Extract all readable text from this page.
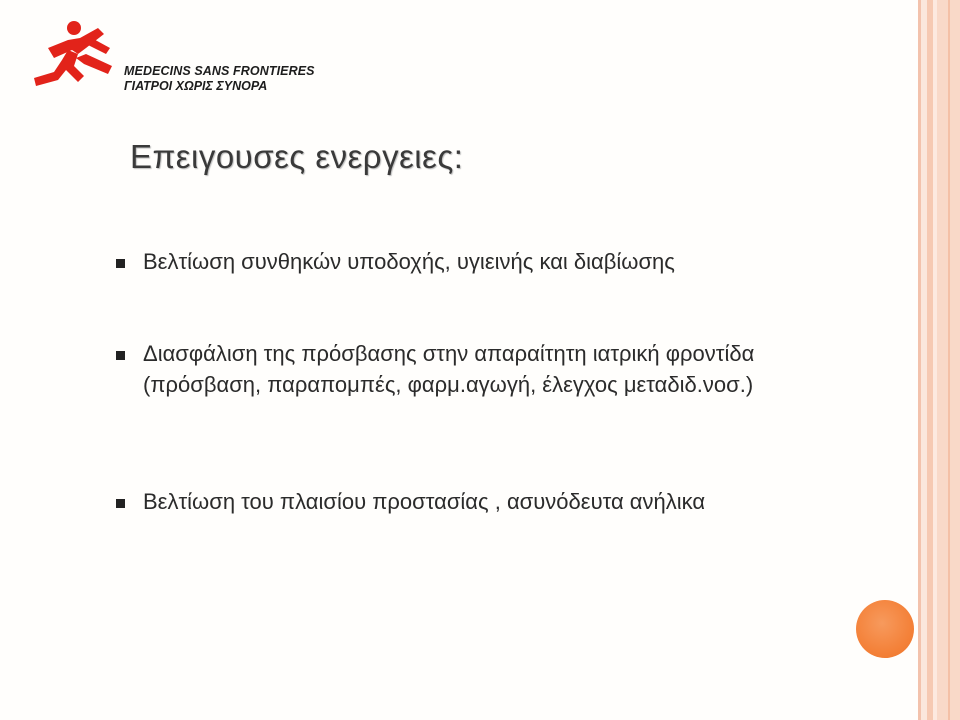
MEDECINS SANS FRONTIERES
ΓΙΑΤΡΟΙ ΧΩΡΙΣ ΣΥΝΟΡΑ
Επειγουσες ενεργειες:
Βελτίωση συνθηκών υποδοχής, υγιεινής και διαβίωσης
Διασφάλιση της πρόσβασης στην απαραίτητη ιατρική φροντίδα (πρόσβαση, παραπομπές, φαρμ.αγωγή, έλεγχος μεταδιδ.νοσ.)
Βελτίωση του πλαισίου προστασίας , ασυνόδευτα ανήλικα
